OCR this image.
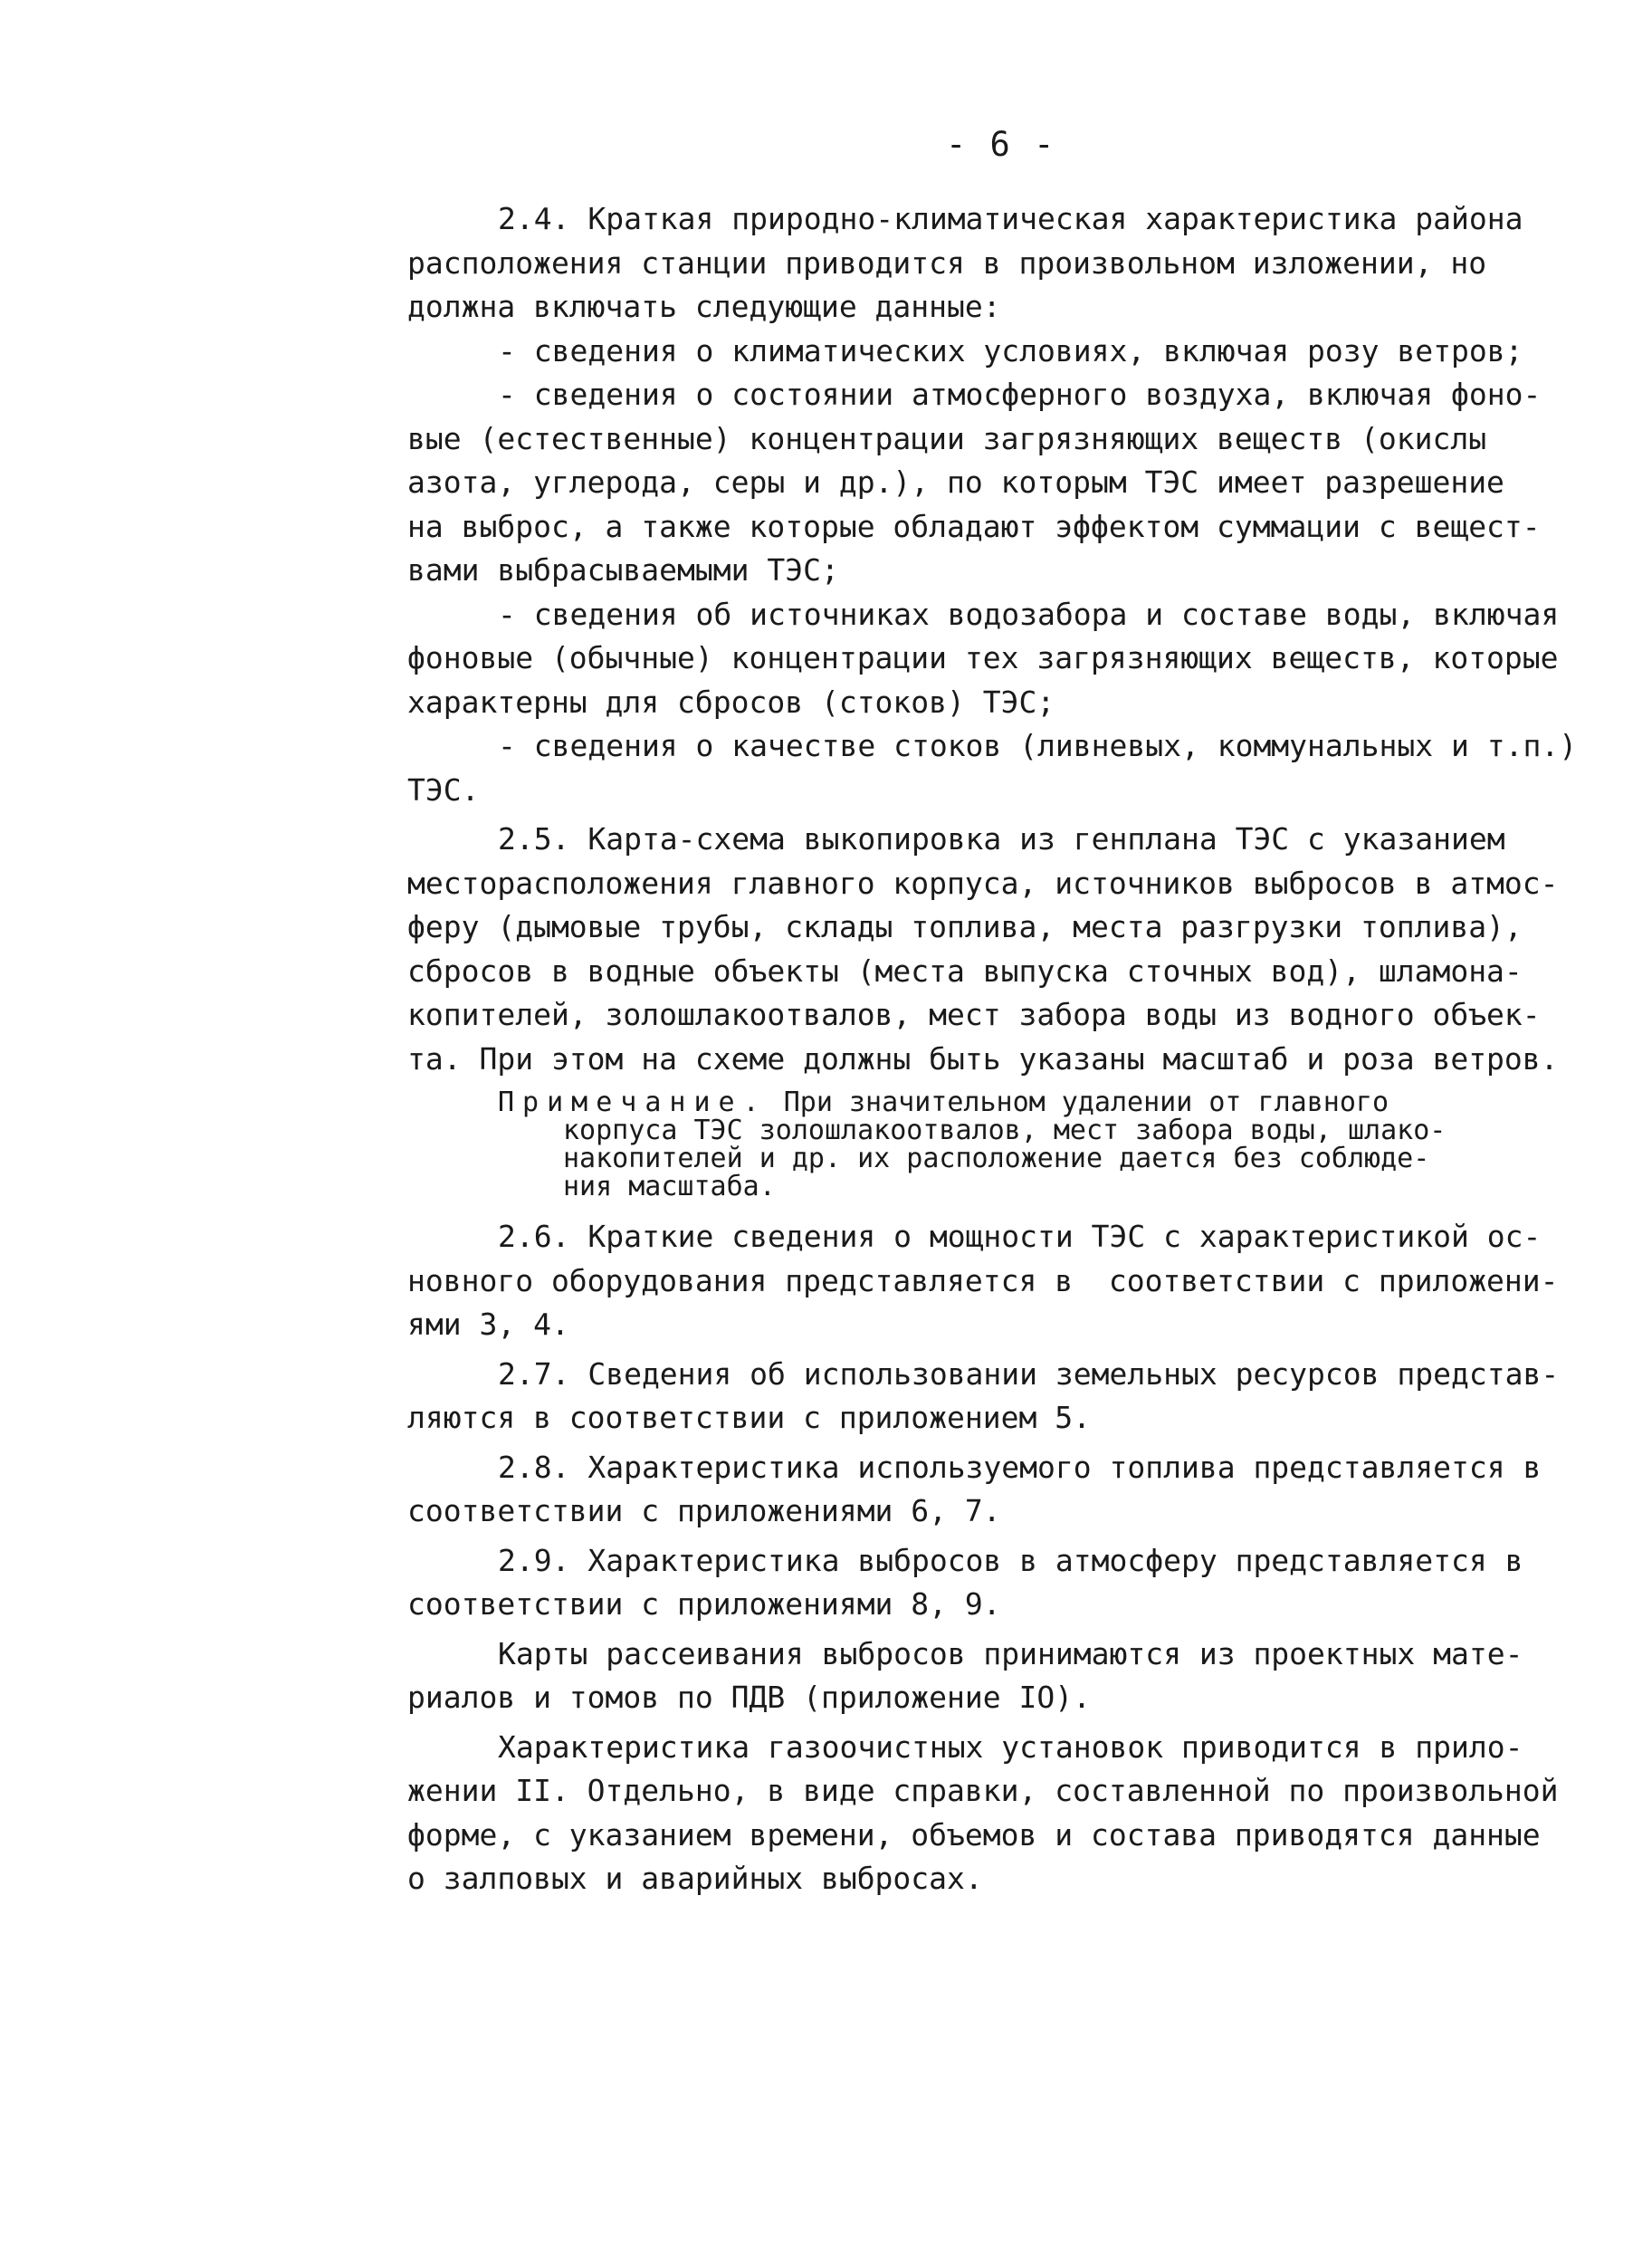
- 6 -
2.4. Краткая природно-климатическая характеристика района
расположения станции приводится в произвольном изложении, но
должна включать следующие данные:
- сведения о климатических условиях, включая розу ветров;
- сведения о состоянии атмосферного воздуха, включая фоно-
вые (естественные) концентрации загрязняющих веществ (окислы
азота, углерода, серы и др.), по которым ТЭС имеет разрешение
на выброс, а также которые обладают эффектом суммации с вещест-
вами выбрасываемыми ТЭС;
- сведения об источниках водозабора и составе воды, включая
фоновые (обычные) концентрации тех загрязняющих веществ, которые
характерны для сбросов (стоков) ТЭС;
- сведения о качестве стоков (ливневых, коммунальных и т.п.)
ТЭС.
2.5. Карта-схема выкопировка из генплана ТЭС с указанием
месторасположения главного корпуса, источников выбросов в атмос-
феру (дымовые трубы, склады топлива, места разгрузки топлива),
сбросов в водные объекты (места выпуска сточных вод), шламона-
копителей, золошлакоотвалов, мест забора воды из водного объек-
та. При этом на схеме должны быть указаны масштаб и роза ветров.
Примечание. При значительном удалении от главного
корпуса ТЭС золошлакоотвалов, мест забора воды, шлако-
накопителей и др. их расположение дается без соблюде-
ния масштаба.
2.6. Краткие сведения о мощности ТЭС с характеристикой ос-
новного оборудования представляется в  соответствии с приложени-
ями 3, 4.
2.7. Сведения об использовании земельных ресурсов представ-
ляются в соответствии с приложением 5.
2.8. Характеристика используемого топлива представляется в
соответствии с приложениями 6, 7.
2.9. Характеристика выбросов в атмосферу представляется в
соответствии с приложениями 8, 9.
Карты рассеивания выбросов принимаются из проектных мате-
риалов и томов по ПДВ (приложение IO).
Характеристика газоочистных установок приводится в прило-
жении II. Отдельно, в виде справки, составленной по произвольной
форме, с указанием времени, объемов и состава приводятся данные
о залповых и аварийных выбросах.
